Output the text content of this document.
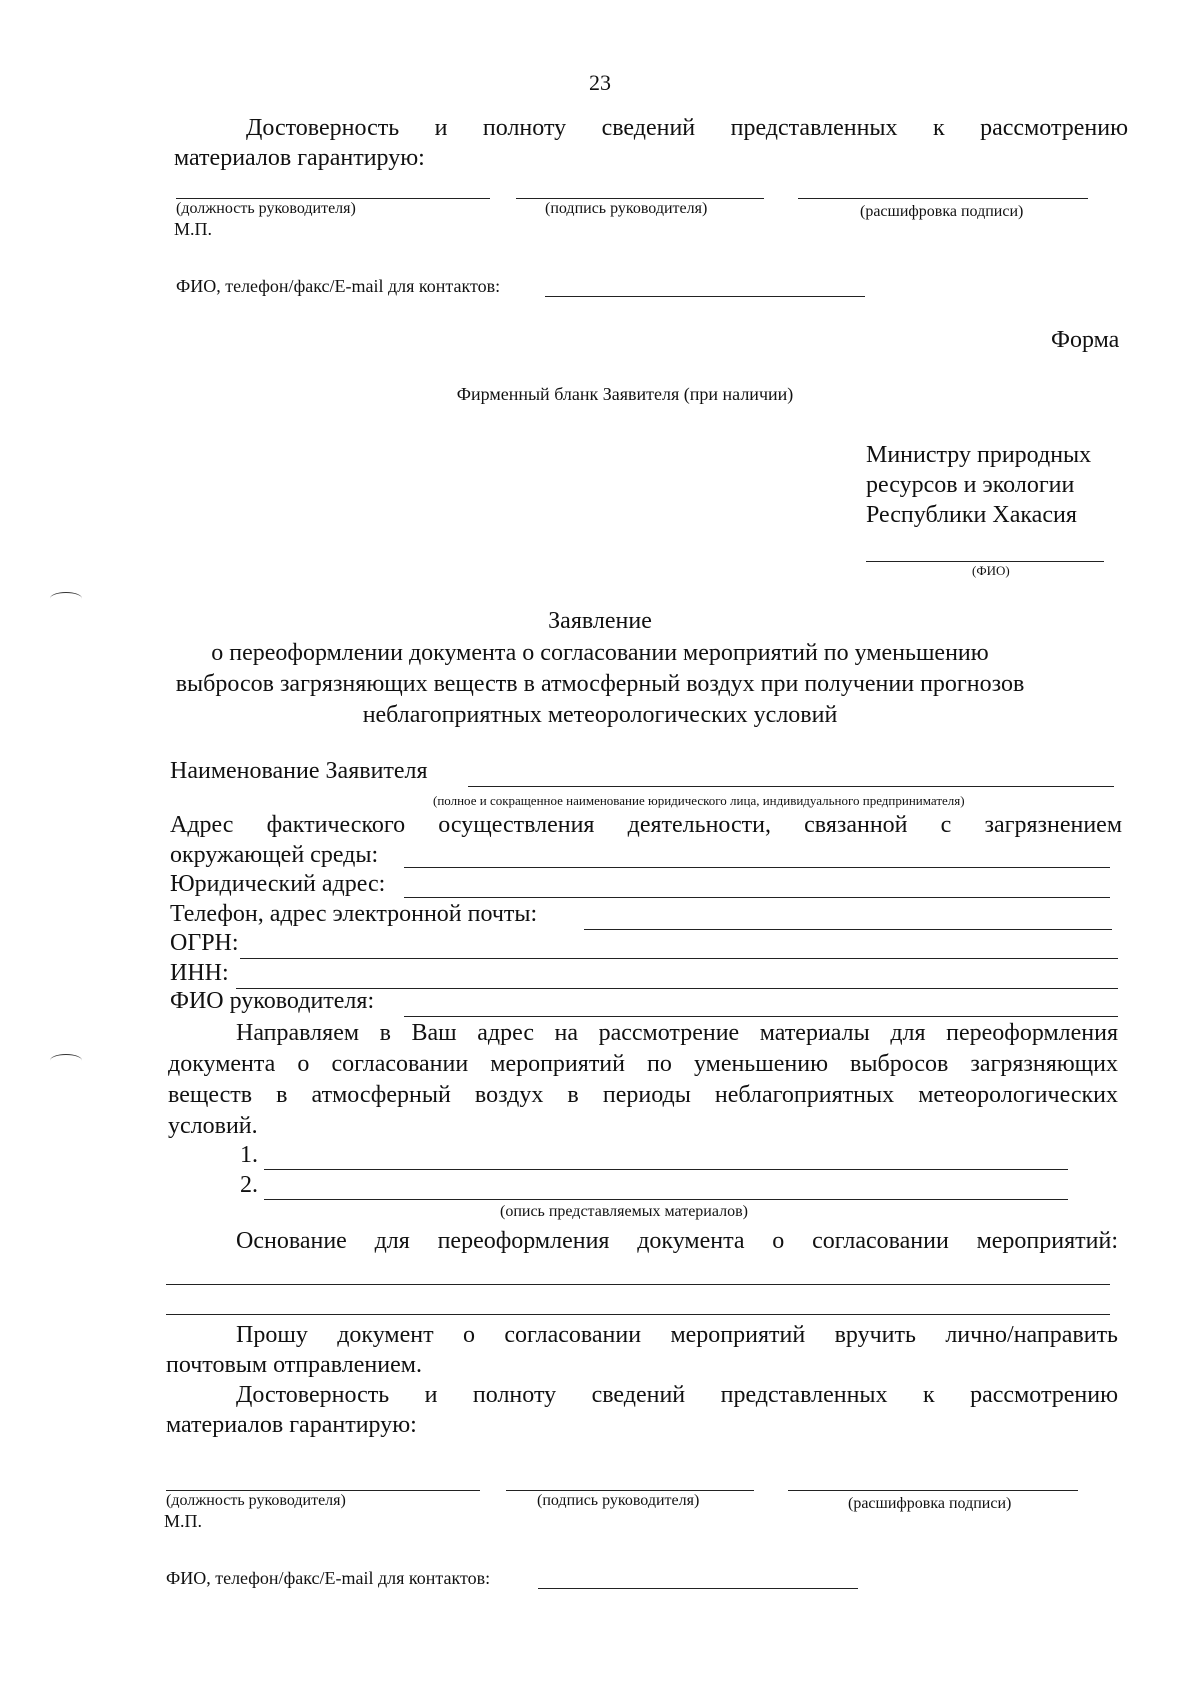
23
Достоверность и полноту сведений представленных к рассмотрению
материалов гарантирую:
(должность руководителя)	(подпись руководителя)	(расшифровка подписи)
М.П.
ФИО, телефон/факс/E-mail для контактов:
Форма
Фирменный бланк Заявителя (при наличии)
Министру природных
ресурсов и экологии
Республики Хакасия
(ФИО)
Заявление
о переоформлении документа о согласовании мероприятий по уменьшению
выбросов загрязняющих веществ в атмосферный воздух при получении прогнозов
неблагоприятных метеорологических условий
Наименование Заявителя
(полное и сокращенное наименование юридического лица, индивидуального предпринимателя)
Адрес фактического осуществления деятельности, связанной с загрязнением
окружающей среды:
Юридический адрес:
Телефон, адрес электронной почты:
ОГРН:
ИНН:
ФИО руководителя:
Направляем в Ваш адрес на рассмотрение материалы для переоформления
документа о согласовании мероприятий по уменьшению выбросов загрязняющих
веществ в атмосферный воздух в периоды неблагоприятных метеорологических
условий.
1.
2.
(опись представляемых материалов)
Основание для переоформления документа о согласовании мероприятий:
Прошу документ о согласовании мероприятий вручить лично/направить
почтовым отправлением.
Достоверность и полноту сведений представленных к рассмотрению
материалов гарантирую:
(должность руководителя)	(подпись руководителя)	(расшифровка подписи)
М.П.
ФИО, телефон/факс/E-mail для контактов:
